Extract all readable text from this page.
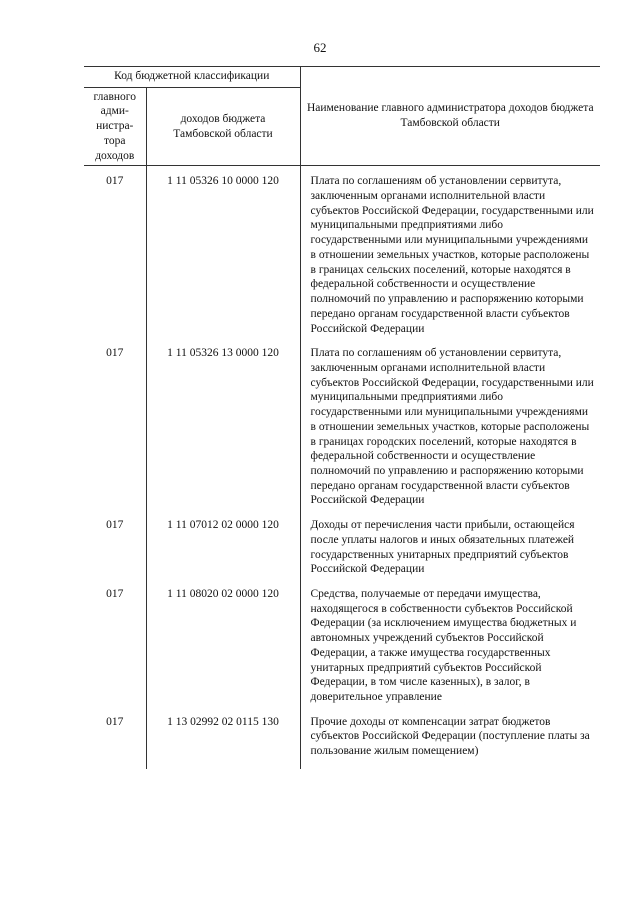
62
Код бюджетной классификации		Наименование главного администратора доходов бюджета Тамбовской области
главного адми-нистра-тора доходов	доходов бюджета Тамбовской области	
017	1 11 05326 10 0000 120	Плата по соглашениям об установлении сервитута, заключенным органами исполнительной власти субъектов Российской Федерации, государственными или муниципальными предприятиями либо государственными или муниципальными учреждениями в отношении земельных участков, которые расположены в границах сельских поселений, которые находятся в федеральной собственности и осуществление полномочий по управлению и распоряжению которыми передано органам государственной власти субъектов Российской Федерации
017	1 11 05326 13 0000 120	Плата по соглашениям об установлении сервитута, заключенным органами исполнительной власти субъектов Российской Федерации, государственными или муниципальными предприятиями либо государственными или муниципальными учреждениями в отношении земельных участков, которые расположены в границах городских поселений, которые находятся в федеральной собственности и осуществление полномочий по управлению и распоряжению которыми передано органам государственной власти субъектов Российской Федерации
017	1 11 07012 02 0000 120	Доходы от перечисления части прибыли, остающейся после уплаты налогов и иных обязательных платежей государственных унитарных предприятий субъектов Российской Федерации
017	1 11 08020 02 0000 120	Средства, получаемые от передачи имущества, находящегося в собственности субъектов Российской Федерации (за исключением имущества бюджетных и автономных учреждений субъектов Российской Федерации, а также имущества государственных унитарных предприятий субъектов Российской Федерации, в том числе казенных), в залог, в доверительное управление
017	1 13 02992 02 0115 130	Прочие доходы от компенсации затрат бюджетов субъектов Российской Федерации (поступление платы за пользование жилым помещением)
